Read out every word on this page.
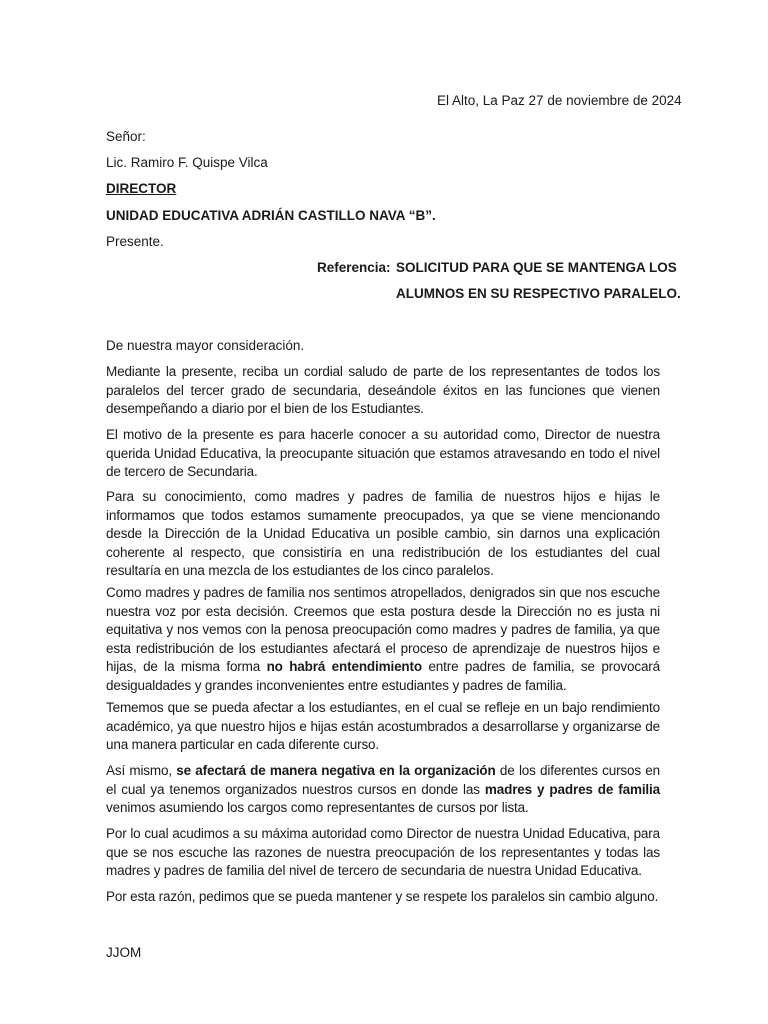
El Alto, La Paz 27 de noviembre de 2024
Señor:
Lic. Ramiro F. Quispe Vilca
DIRECTOR
UNIDAD EDUCATIVA ADRIÁN CASTILLO NAVA “B”.
Presente.
Referencia: SOLICITUD PARA QUE SE MANTENGA LOS
ALUMNOS EN SU RESPECTIVO PARALELO.
De nuestra mayor consideración.
Mediante la presente, reciba un cordial saludo de parte de los representantes de todos los paralelos del tercer grado de secundaria, deseándole éxitos en las funciones que vienen desempeñando a diario por el bien de los Estudiantes.
El motivo de la presente es para hacerle conocer a su autoridad como, Director de nuestra querida Unidad Educativa, la preocupante situación que estamos atravesando en todo el nivel de tercero de Secundaria.
Para su conocimiento, como madres y padres de familia de nuestros hijos e hijas le informamos que todos estamos sumamente preocupados, ya que se viene mencionando desde la Dirección de la Unidad Educativa un posible cambio, sin darnos una explicación coherente al respecto, que consistiría en una redistribución de los estudiantes del cual resultaría en una mezcla de los estudiantes de los cinco paralelos.
Como madres y padres de familia nos sentimos atropellados, denigrados sin que nos escuche nuestra voz por esta decisión. Creemos que esta postura desde la Dirección no es justa ni equitativa y nos vemos con la penosa preocupación como madres y padres de familia, ya que esta redistribución de los estudiantes afectará el proceso de aprendizaje de nuestros hijos e hijas, de la misma forma no habrá entendimiento entre padres de familia, se provocará desigualdades y grandes inconvenientes entre estudiantes y padres de familia.
Tememos que se pueda afectar a los estudiantes, en el cual se refleje en un bajo rendimiento académico, ya que nuestro hijos e hijas están acostumbrados a desarrollarse y organizarse de una manera particular en cada diferente curso.
Así mismo, se afectará de manera negativa en la organización de los diferentes cursos en el cual ya tenemos organizados nuestros cursos en donde las madres y padres de familia venimos asumiendo los cargos como representantes de cursos por lista.
Por lo cual acudimos a su máxima autoridad como Director de nuestra Unidad Educativa, para que se nos escuche las razones de nuestra preocupación de los representantes y todas las madres y padres de familia del nivel de tercero de secundaria de nuestra Unidad Educativa.
Por esta razón, pedimos que se pueda mantener y se respete los paralelos sin cambio alguno.
JJOM
